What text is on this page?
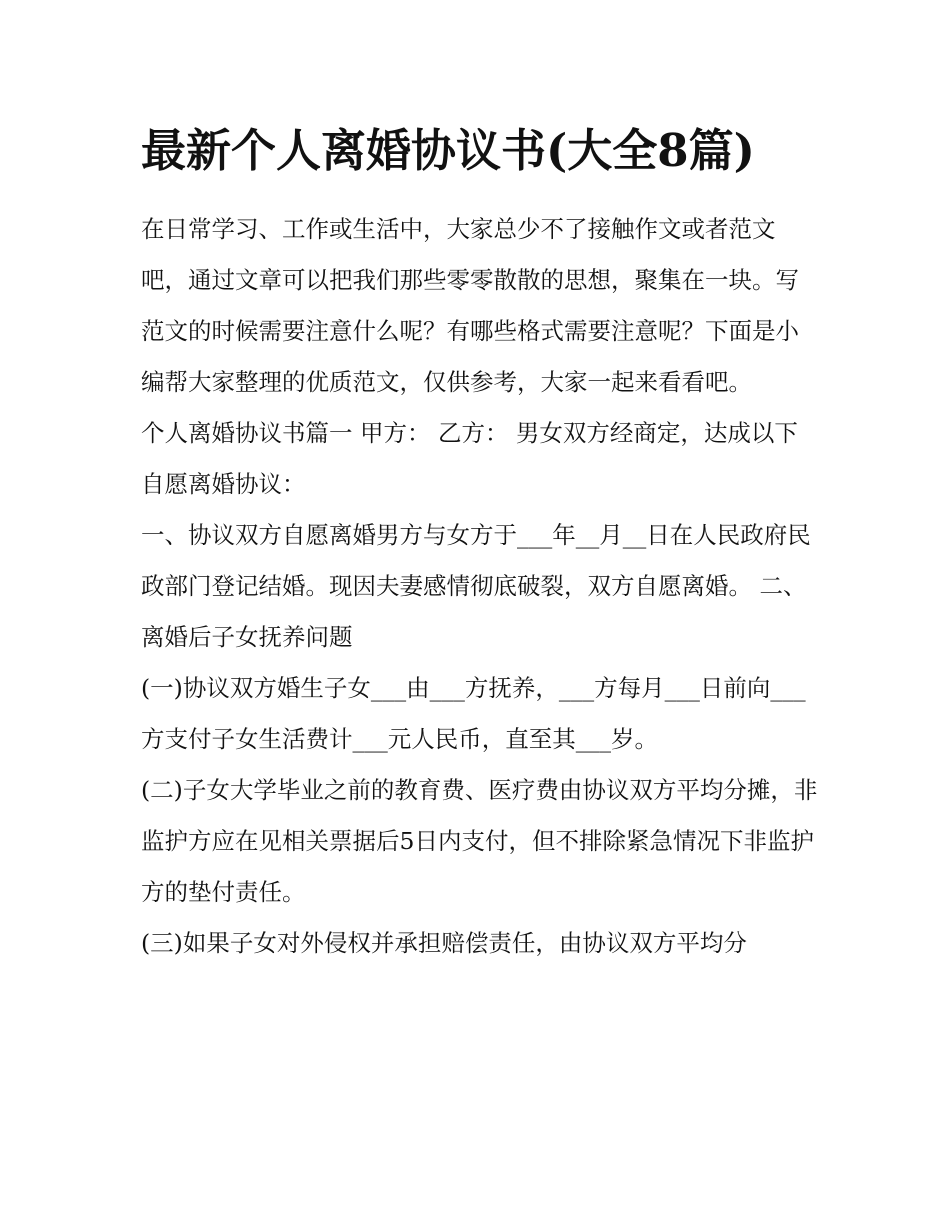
最新个人离婚协议书(大全8篇)

在日常学习、工作或生活中，大家总少不了接触作文或者范文吧，通过文章可以把我们那些零零散散的思想，聚集在一块。写范文的时候需要注意什么呢？有哪些格式需要注意呢？下面是小编帮大家整理的优质范文，仅供参考，大家一起来看看吧。

个人离婚协议书篇一 甲方： 乙方： 男女双方经商定，达成以下自愿离婚协议：

一、协议双方自愿离婚男方与女方于___年__月__日在人民政府民政部门登记结婚。现因夫妻感情彻底破裂，双方自愿离婚。 二、离婚后子女抚养问题

(一)协议双方婚生子女___由___方抚养，___方每月___日前向___方支付子女生活费计___元人民币，直至其___岁。

(二)子女大学毕业之前的教育费、医疗费由协议双方平均分摊，非监护方应在见相关票据后5日内支付，但不排除紧急情况下非监护方的垫付责任。

(三)如果子女对外侵权并承担赔偿责任，由协议双方平均分
